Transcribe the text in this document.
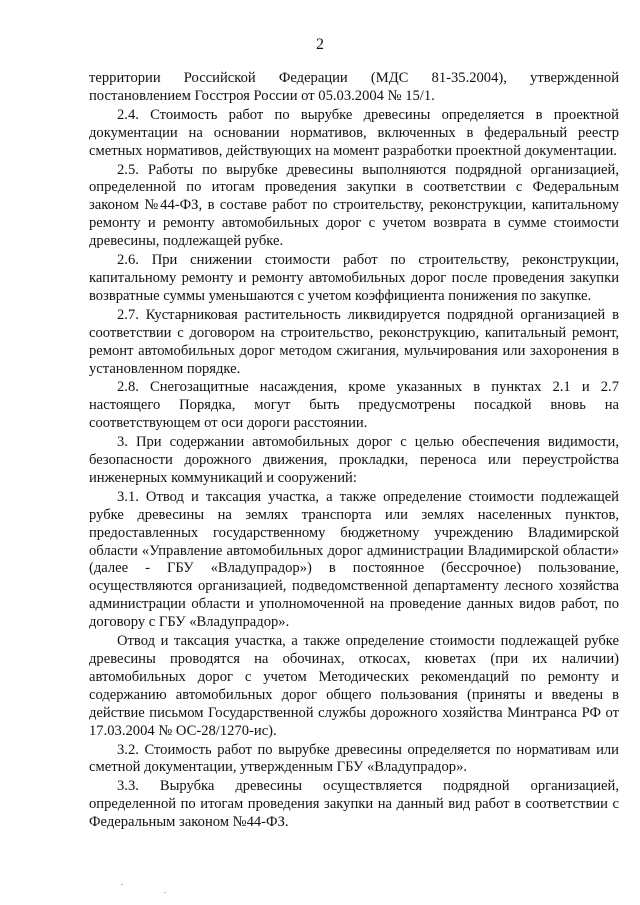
2

территории Российской Федерации (МДС 81-35.2004), утвержденной постановлением Госстроя России от 05.03.2004 № 15/1.

2.4. Стоимость работ по вырубке древесины определяется в проектной документации на основании нормативов, включенных в федеральный реестр сметных нормативов, действующих на момент разработки проектной документации.

2.5. Работы по вырубке древесины выполняются подрядной организацией, определенной по итогам проведения закупки в соответствии с Федеральным законом №44-ФЗ, в составе работ по строительству, реконструкции, капитальному ремонту и ремонту автомобильных дорог с учетом возврата в сумме стоимости древесины, подлежащей рубке.

2.6. При снижении стоимости работ по строительству, реконструкции, капитальному ремонту и ремонту автомобильных дорог после проведения закупки возвратные суммы уменьшаются с учетом коэффициента понижения по закупке.

2.7. Кустарниковая растительность ликвидируется подрядной организацией в соответствии с договором на строительство, реконструкцию, капитальный ремонт, ремонт автомобильных дорог методом сжигания, мульчирования или захоронения в установленном порядке.

2.8. Снегозащитные насаждения, кроме указанных в пунктах 2.1 и 2.7 настоящего Порядка, могут быть предусмотрены посадкой вновь на соответствующем от оси дороги расстоянии.

3. При содержании автомобильных дорог с целью обеспечения видимости, безопасности дорожного движения, прокладки, переноса или переустройства инженерных коммуникаций и сооружений:

3.1. Отвод и таксация участка, а также определение стоимости подлежащей рубке древесины на землях транспорта или землях населенных пунктов, предоставленных государственному бюджетному учреждению Владимирской области «Управление автомобильных дорог администрации Владимирской области» (далее - ГБУ «Владупрадор») в постоянное (бессрочное) пользование, осуществляются организацией, подведомственной департаменту лесного хозяйства администрации области и уполномоченной на проведение данных видов работ, по договору с ГБУ «Владупрадор».

Отвод и таксация участка, а также определение стоимости подлежащей рубке древесины проводятся на обочинах, откосах, кюветах (при их наличии) автомобильных дорог с учетом Методических рекомендаций по ремонту и содержанию автомобильных дорог общего пользования (приняты и введены в действие письмом Государственной службы дорожного хозяйства Минтранса РФ от 17.03.2004 № ОС-28/1270-ис).

3.2. Стоимость работ по вырубке древесины определяется по нормативам или сметной документации, утвержденным ГБУ «Владупрадор».

3.3. Вырубка древесины осуществляется подрядной организацией, определенной по итогам проведения закупки на данный вид работ в соответствии с Федеральным законом №44-ФЗ.
